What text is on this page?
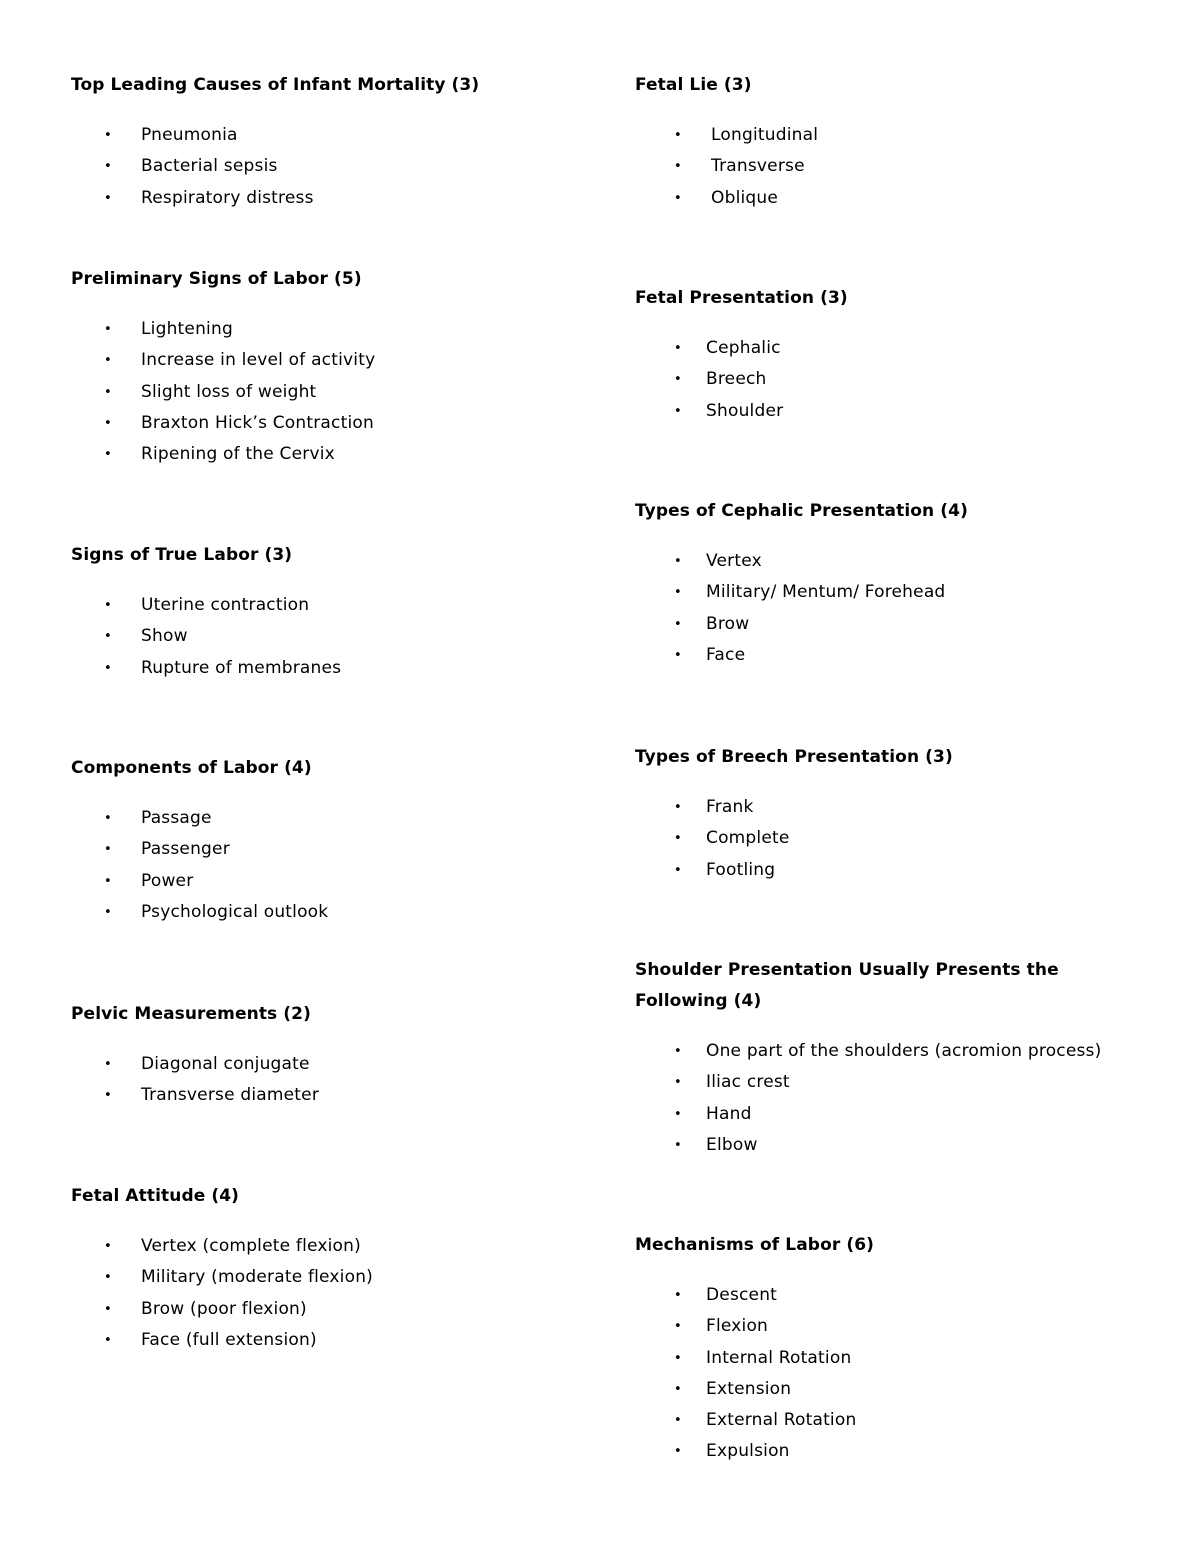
Top Leading Causes of Infant Mortality (3)
• Pneumonia
• Bacterial sepsis
• Respiratory distress
Preliminary Signs of Labor (5)
• Lightening
• Increase in level of activity
• Slight loss of weight
• Braxton Hick’s Contraction
• Ripening of the Cervix
Signs of True Labor (3)
• Uterine contraction
• Show
• Rupture of membranes
Components of Labor (4)
• Passage
• Passenger
• Power
• Psychological outlook
Pelvic Measurements (2)
• Diagonal conjugate
• Transverse diameter
Fetal Attitude (4)
• Vertex (complete flexion)
• Military (moderate flexion)
• Brow (poor flexion)
• Face (full extension)
Fetal Lie (3)
• Longitudinal
• Transverse
• Oblique
Fetal Presentation (3)
• Cephalic
• Breech
• Shoulder
Types of Cephalic Presentation (4)
• Vertex
• Military/ Mentum/ Forehead
• Brow
• Face
Types of Breech Presentation (3)
• Frank
• Complete
• Footling
Shoulder Presentation Usually Presents the Following (4)
• One part of the shoulders (acromion process)
• Iliac crest
• Hand
• Elbow
Mechanisms of Labor (6)
• Descent
• Flexion
• Internal Rotation
• Extension
• External Rotation
• Expulsion
